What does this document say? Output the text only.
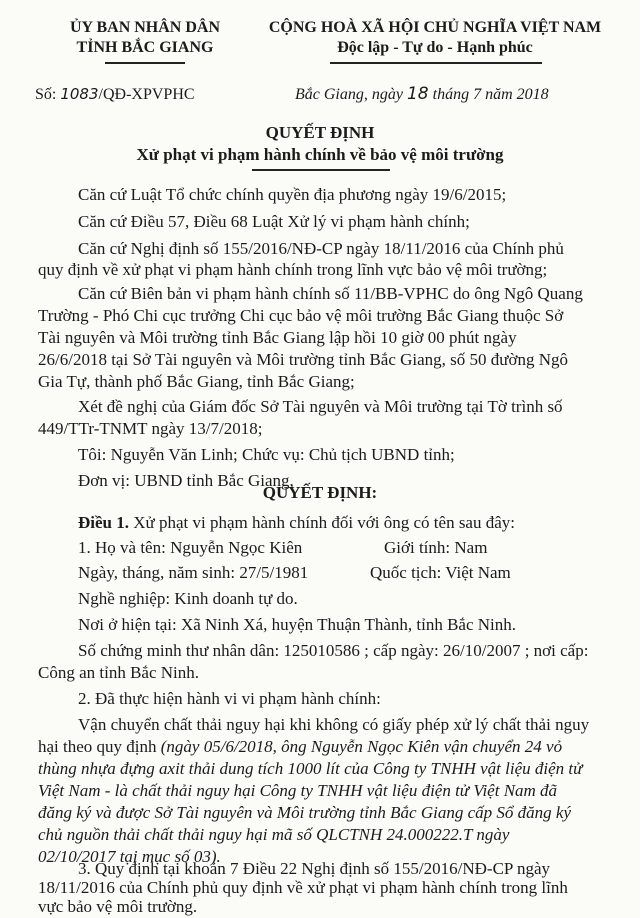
ỦY BAN NHÂN DÂN
TỈNH BẮC GIANG
CỘNG HOÀ XÃ HỘI CHỦ NGHĨA VIỆT NAM
Độc lập - Tự do - Hạnh phúc
Số: 1083/QĐ-XPVPHC	Bắc Giang, ngày 18 tháng 7 năm 2018
QUYẾT ĐỊNH
Xử phạt vi phạm hành chính về bảo vệ môi trường
Căn cứ Luật Tổ chức chính quyền địa phương ngày 19/6/2015;
Căn cứ Điều 57, Điều 68 Luật Xử lý vi phạm hành chính;
Căn cứ Nghị định số 155/2016/NĐ-CP ngày 18/11/2016 của Chính phủ
quy định về xử phạt vi phạm hành chính trong lĩnh vực bảo vệ môi trường;
Căn cứ Biên bản vi phạm hành chính số 11/BB-VPHC do ông Ngô Quang
Trường - Phó Chi cục trưởng Chi cục bảo vệ môi trường Bắc Giang thuộc Sở
Tài nguyên và Môi trường tỉnh Bắc Giang lập hồi 10 giờ 00 phút ngày
26/6/2018 tại Sở Tài nguyên và Môi trường tỉnh Bắc Giang, số 50 đường Ngô
Gia Tự, thành phố Bắc Giang, tỉnh Bắc Giang;
Xét đề nghị của Giám đốc Sở Tài nguyên và Môi trường tại Tờ trình số
449/TTr-TNMT ngày 13/7/2018;
Tôi: Nguyễn Văn Linh; Chức vụ: Chủ tịch UBND tỉnh;
Đơn vị: UBND tỉnh Bắc Giang,
QUYẾT ĐỊNH:
Điều 1. Xử phạt vi phạm hành chính đối với ông có tên sau đây:
1. Họ và tên: Nguyễn Ngọc Kiên	Giới tính: Nam
Ngày, tháng, năm sinh: 27/5/1981	Quốc tịch: Việt Nam
Nghề nghiệp: Kinh doanh tự do.
Nơi ở hiện tại: Xã Ninh Xá, huyện Thuận Thành, tỉnh Bắc Ninh.
Số chứng minh thư nhân dân: 125010586 ; cấp ngày: 26/10/2007 ; nơi cấp:
Công an tỉnh Bắc Ninh.
2. Đã thực hiện hành vi vi phạm hành chính:
Vận chuyển chất thải nguy hại khi không có giấy phép xử lý chất thải nguy
hại theo quy định (ngày 05/6/2018, ông Nguyễn Ngọc Kiên vận chuyển 24 vỏ
thùng nhựa đựng axit thải dung tích 1000 lít của Công ty TNHH vật liệu điện tử
Việt Nam - là chất thải nguy hại Công ty TNHH vật liệu điện tử Việt Nam đã
đăng ký và được Sở Tài nguyên và Môi trường tỉnh Bắc Giang cấp Sổ đăng ký
chủ nguồn thải chất thải nguy hại mã số QLCTNH 24.000222.T ngày
02/10/2017 tại mục số 03).
3. Quy định tại khoản 7 Điều 22 Nghị định số 155/2016/NĐ-CP ngày
18/11/2016 của Chính phủ quy định về xử phạt vi phạm hành chính trong lĩnh
vực bảo vệ môi trường.
